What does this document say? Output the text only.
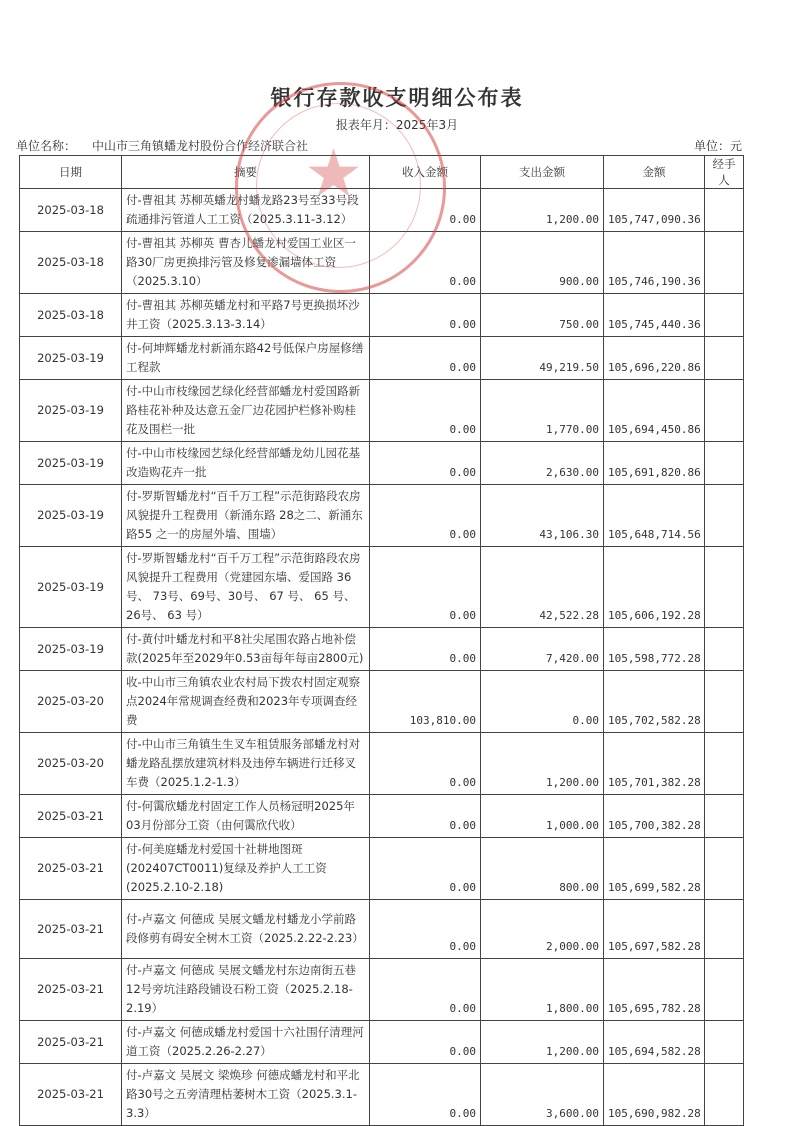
银行存款收支明细公布表
报表年月：2025年3月
单位名称： 中山市三角镇蟠龙村股份合作经济联合社	单位：元
日期	摘要	收入金额	支出金额	金额	经手人
2025-03-18	付-曹祖其 苏柳英蟠龙村蟠龙路23号至33号段疏通排污管道人工工资（2025.3.11-3.12）	0.00	1,200.00	105,747,090.36	
2025-03-18	付-曹祖其 苏柳英 曹杏儿蟠龙村爱国工业区一路30厂房更换排污管及修复渗漏墙体工资（2025.3.10）	0.00	900.00	105,746,190.36	
2025-03-18	付-曹祖其 苏柳英蟠龙村和平路7号更换损坏沙井工资（2025.3.13-3.14）	0.00	750.00	105,745,440.36	
2025-03-19	付-何坤辉蟠龙村新涌东路42号低保户房屋修缮工程款	0.00	49,219.50	105,696,220.86	
2025-03-19	付-中山市枝缘园艺绿化经营部蟠龙村爱国路新路桂花补种及达意五金厂边花园护栏修补购桂花及围栏一批	0.00	1,770.00	105,694,450.86	
2025-03-19	付-中山市枝缘园艺绿化经营部蟠龙幼儿园花基改造购花卉一批	0.00	2,630.00	105,691,820.86	
2025-03-19	付-罗斯智蟠龙村“百千万工程”示范街路段农房风貌提升工程费用（新涌东路 28之二、新涌东路55 之一的房屋外墙、围墙）	0.00	43,106.30	105,648,714.56	
2025-03-19	付-罗斯智蟠龙村“百千万工程”示范街路段农房风貌提升工程费用（党建园东墙、爱国路 36 号、 73号、69号、30号、 67 号、 65 号、 26号、 63 号）	0.00	42,522.28	105,606,192.28	
2025-03-19	付-黄付叶蟠龙村和平8社尖尾围农路占地补偿款(2025年至2029年0.53亩每年每亩2800元)	0.00	7,420.00	105,598,772.28	
2025-03-20	收-中山市三角镇农业农村局下拨农村固定观察点2024年常规调查经费和2023年专项调查经费	103,810.00	0.00	105,702,582.28	
2025-03-20	付-中山市三角镇生生叉车租赁服务部蟠龙村对蟠龙路乱摆放建筑材料及违停车辆进行迁移叉车费（2025.1.2-1.3）	0.00	1,200.00	105,701,382.28	
2025-03-21	付-何霭欣蟠龙村固定工作人员杨冠明2025年03月份部分工资（由何霭欣代收）	0.00	1,000.00	105,700,382.28	
2025-03-21	付-何美庭蟠龙村爱国十社耕地图斑(202407CT0011)复绿及养护人工工资(2025.2.10-2.18)	0.00	800.00	105,699,582.28	
2025-03-21	付-卢嘉文 何德成 吴展文蟠龙村蟠龙小学前路段修剪有碍安全树木工资（2025.2.22-2.23）	0.00	2,000.00	105,697,582.28	
2025-03-21	付-卢嘉文 何德成 吴展文蟠龙村东边南街五巷12号旁坑洼路段铺设石粉工资（2025.2.18-2.19）	0.00	1,800.00	105,695,782.28	
2025-03-21	付-卢嘉文 何德成蟠龙村爱国十六社围仔清理河道工资（2025.2.26-2.27）	0.00	1,200.00	105,694,582.28	
2025-03-21	付-卢嘉文 吴展文 梁焕珍 何德成蟠龙村和平北路30号之五旁清理枯萎树木工资（2025.3.1-3.3）	0.00	3,600.00	105,690,982.28	
★
